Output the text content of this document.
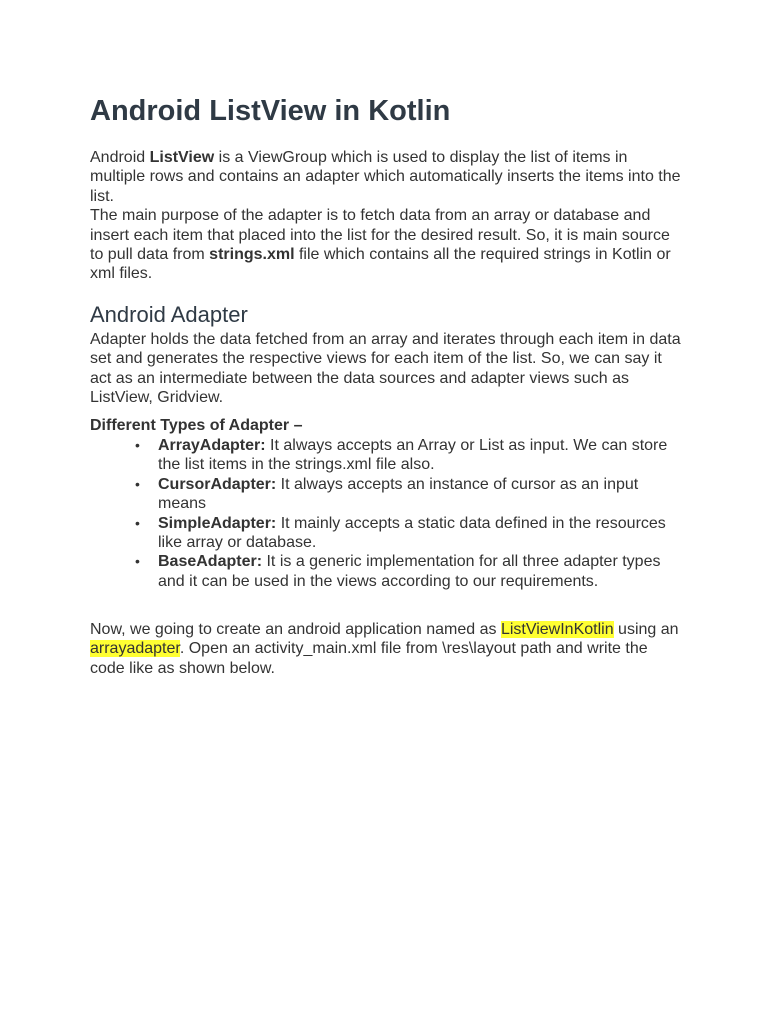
Android ListView in Kotlin

Android ListView is a ViewGroup which is used to display the list of items in multiple rows and contains an adapter which automatically inserts the items into the list.
The main purpose of the adapter is to fetch data from an array or database and insert each item that placed into the list for the desired result. So, it is main source to pull data from strings.xml file which contains all the required strings in Kotlin or xml files.

Android Adapter

Adapter holds the data fetched from an array and iterates through each item in data set and generates the respective views for each item of the list. So, we can say it act as an intermediate between the data sources and adapter views such as ListView, Gridview.

Different Types of Adapter –

• ArrayAdapter: It always accepts an Array or List as input. We can store the list items in the strings.xml file also.
• CursorAdapter: It always accepts an instance of cursor as an input means
• SimpleAdapter: It mainly accepts a static data defined in the resources like array or database.
• BaseAdapter: It is a generic implementation for all three adapter types and it can be used in the views according to our requirements.

Now, we going to create an android application named as ListViewInKotlin using an arrayadapter. Open an activity_main.xml file from \res\layout path and write the code like as shown below.
